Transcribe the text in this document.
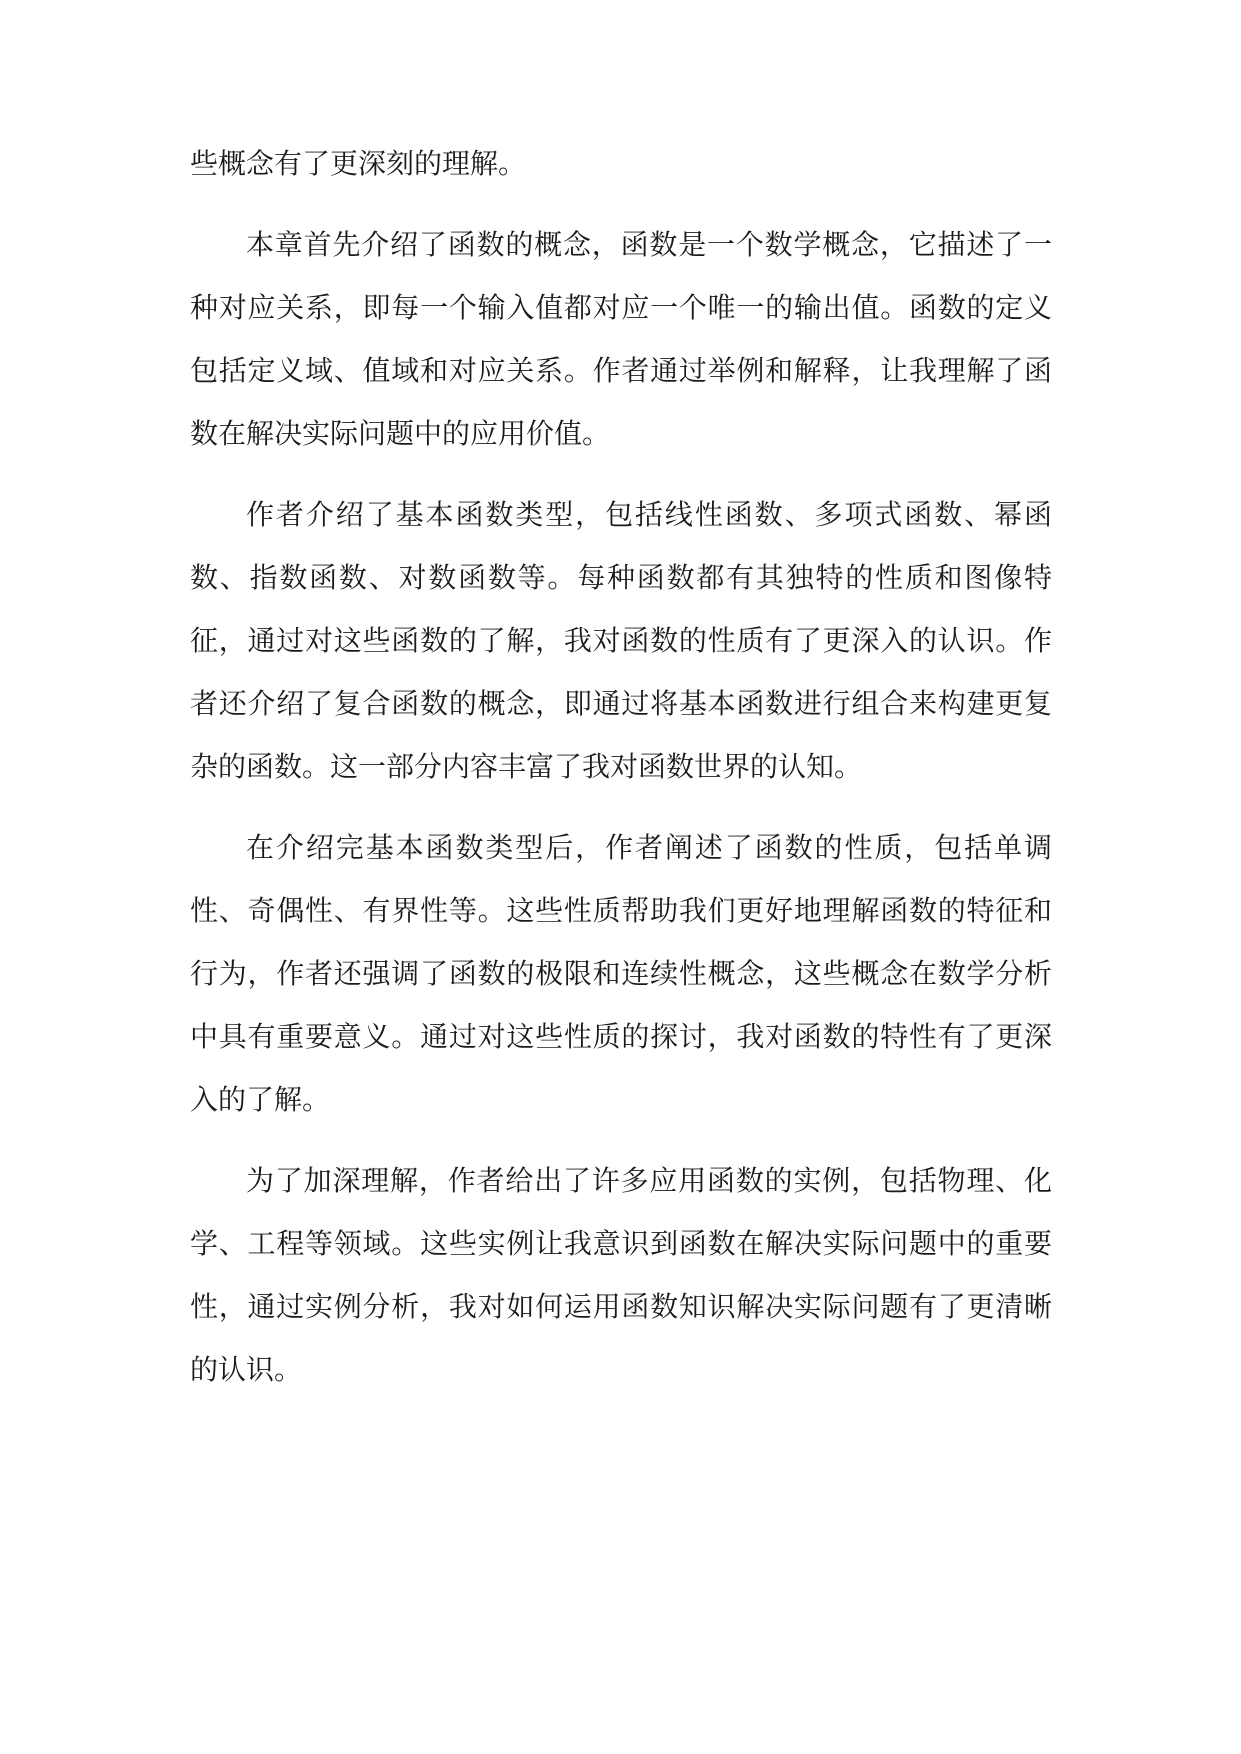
些概念有了更深刻的理解。

本章首先介绍了函数的概念，函数是一个数学概念，它描述了一种对应关系，即每一个输入值都对应一个唯一的输出值。函数的定义包括定义域、值域和对应关系。作者通过举例和解释，让我理解了函数在解决实际问题中的应用价值。

作者介绍了基本函数类型，包括线性函数、多项式函数、幂函数、指数函数、对数函数等。每种函数都有其独特的性质和图像特征，通过对这些函数的了解，我对函数的性质有了更深入的认识。作者还介绍了复合函数的概念，即通过将基本函数进行组合来构建更复杂的函数。这一部分内容丰富了我对函数世界的认知。

在介绍完基本函数类型后，作者阐述了函数的性质，包括单调性、奇偶性、有界性等。这些性质帮助我们更好地理解函数的特征和行为，作者还强调了函数的极限和连续性概念，这些概念在数学分析中具有重要意义。通过对这些性质的探讨，我对函数的特性有了更深入的了解。

为了加深理解，作者给出了许多应用函数的实例，包括物理、化学、工程等领域。这些实例让我意识到函数在解决实际问题中的重要性，通过实例分析，我对如何运用函数知识解决实际问题有了更清晰的认识。
